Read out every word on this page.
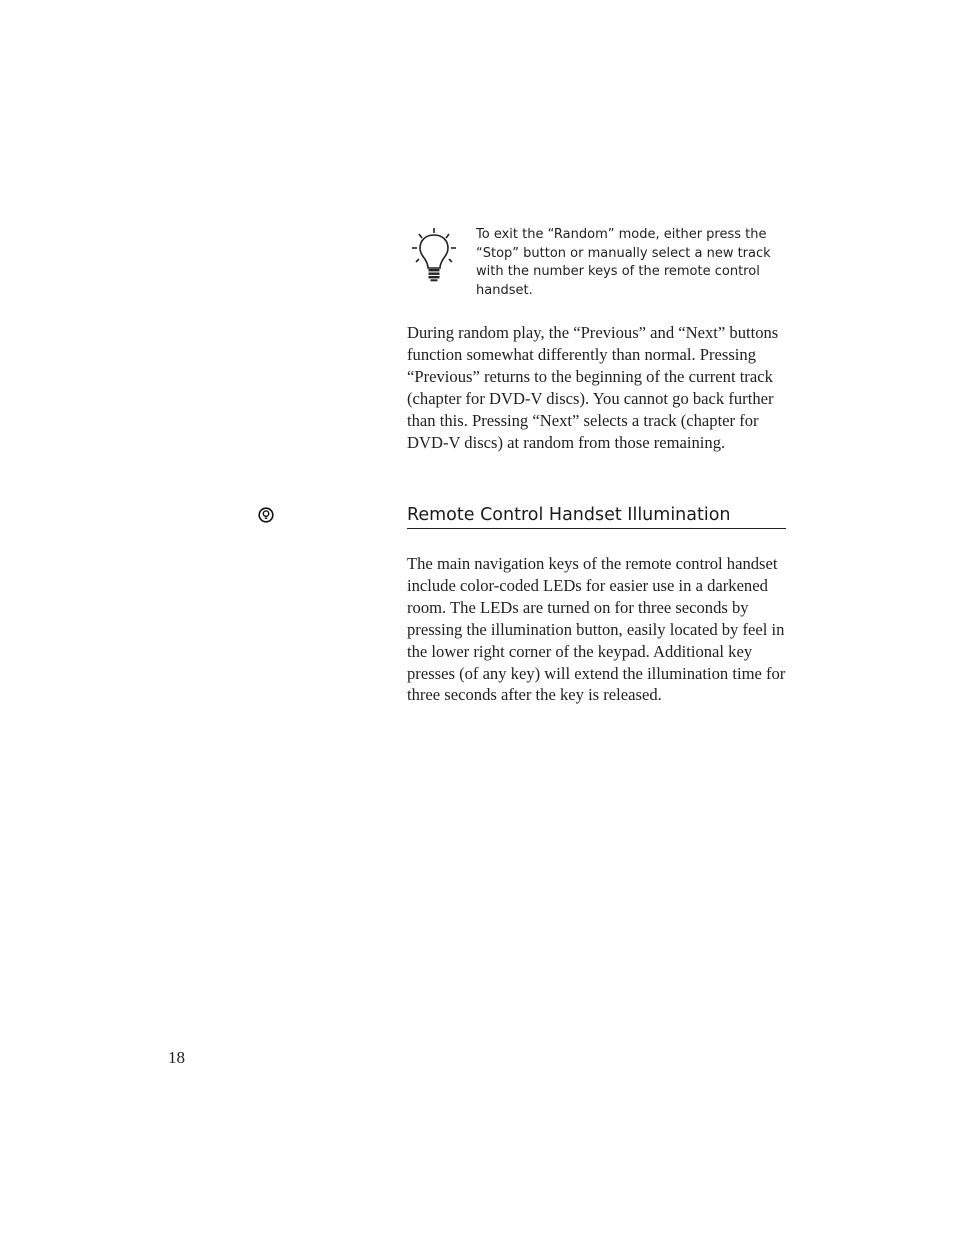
To exit the “Random” mode, either press the “Stop” button or manually select a new track with the number keys of the remote control handset.

During random play, the “Previous” and “Next” buttons function somewhat differently than normal. Pressing “Previous” returns to the beginning of the current track (chapter for DVD-V discs). You cannot go back further than this. Pressing “Next” selects a track (chapter for DVD-V discs) at random from those remaining.

Remote Control Handset Illumination

The main navigation keys of the remote control handset include color-coded LEDs for easier use in a darkened room. The LEDs are turned on for three seconds by pressing the illumination button, easily located by feel in the lower right corner of the keypad. Additional key presses (of any key) will extend the illumination time for three seconds after the key is released.

18
